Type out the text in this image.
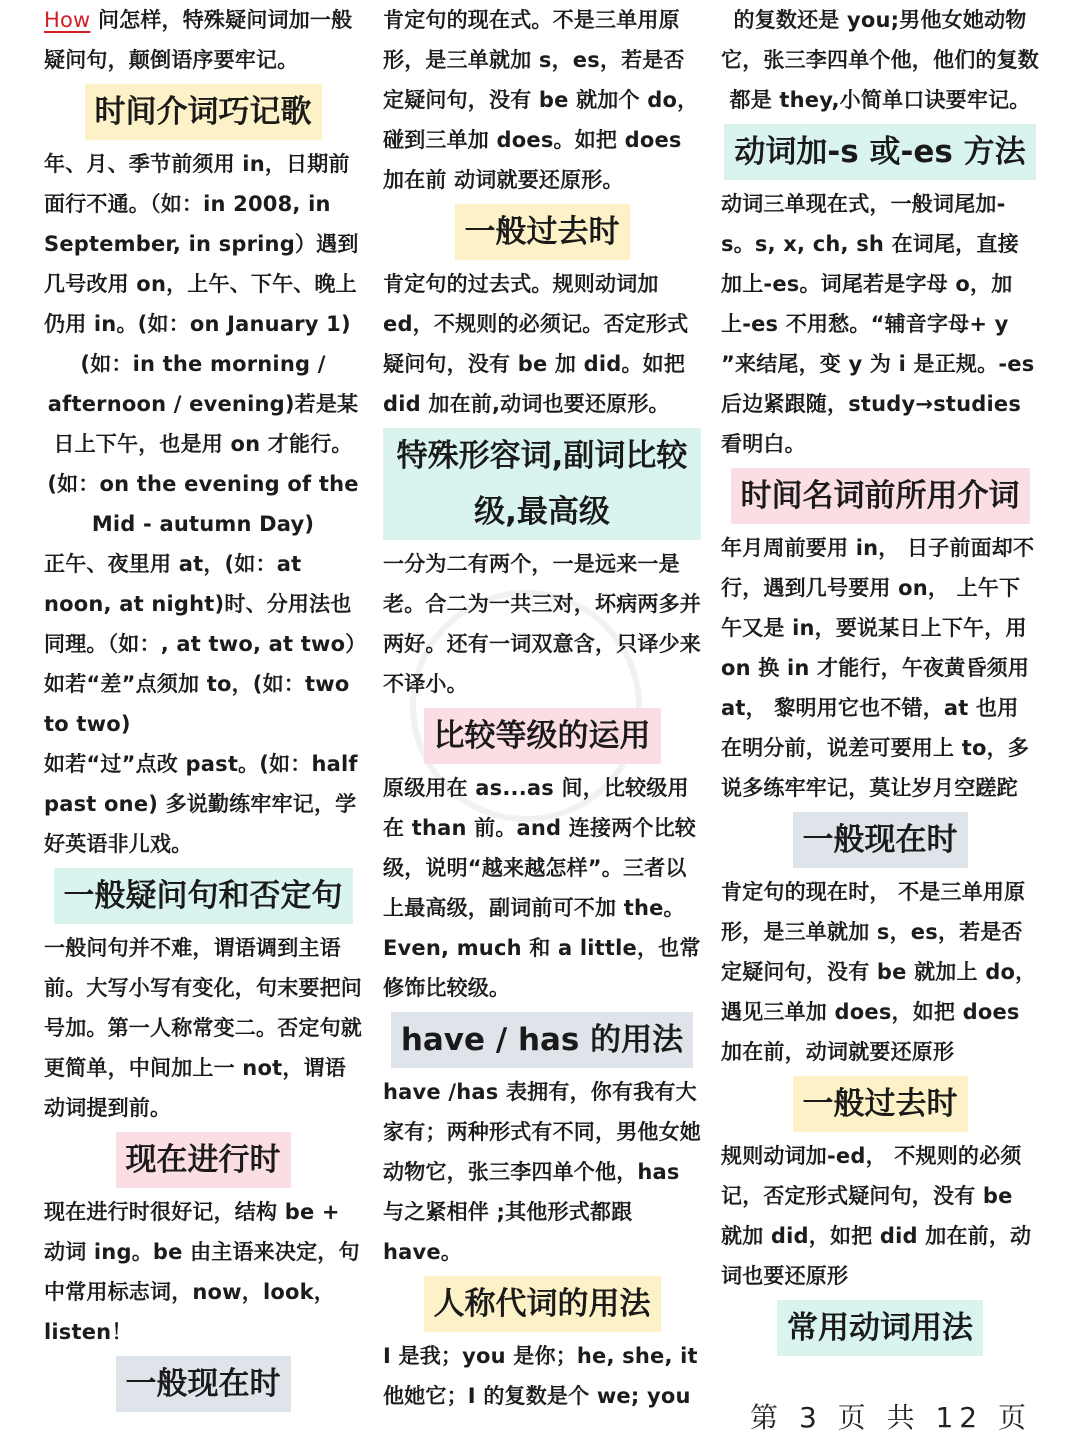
How 问怎样，特殊疑问词加一般疑问句，颠倒语序要牢记。

时间介词巧记歌

年、月、季节前须用 in，日期前面行不通。（如：in 2008, in September, in spring）遇到几号改用 on，上午、下午、晚上仍用 in。(如：on January 1)

(如：in the morning / afternoon / evening)若是某日上下午，也是用 on 才能行。(如：on the evening of the Mid - autumn Day)

正午、夜里用 at，(如：at noon, at night)时、分用法也同理。（如：, at two, at two）

如若“差”点须加 to，(如：two to two)

如若“过”点改 past。(如：half past one) 多说勤练牢牢记，学好英语非儿戏。

一般疑问句和否定句

一般问句并不难，谓语调到主语前。大写小写有变化，句末要把问号加。第一人称常变二。否定句就更简单，中间加上一 not，谓语动词提到前。

现在进行时

现在进行时很好记，结构 be + 动词 ing。be 由主语来决定，句中常用标志词，now，look，listen！

一般现在时

肯定句的现在式。不是三单用原形，是三单就加 s，es，若是否定疑问句，没有 be 就加个 do，碰到三单加 does。如把 does 加在前 动词就要还原形。

一般过去时

肯定句的过去式。规则动词加 ed，不规则的必须记。否定形式疑问句，没有 be 加 did。如把 did 加在前,动词也要还原形。

特殊形容词,副词比较级,最高级

一分为二有两个，一是远来一是老。合二为一共三对，坏病两多并两好。还有一词双意含，只译少来不译小。

比较等级的运用

原级用在 as...as 间，比较级用在 than 前。and 连接两个比较级，说明“越来越怎样”。三者以上最高级，副词前可不加 the。Even, much 和 a little，也常修饰比较级。

have / has 的用法

have /has 表拥有，你有我有大家有；两种形式有不同，男他女她动物它，张三李四单个他，has 与之紧相伴 ;其他形式都跟 have。

人称代词的用法

I 是我；you 是你；he, she, it 他她它；I 的复数是个 we; you

的复数还是 you;男他女她动物它，张三李四单个他，他们的复数都是 they,小简单口诀要牢记。

动词加-s 或-es 方法

动词三单现在式，一般词尾加-s。s, x, ch, sh 在词尾，直接加上-es。词尾若是字母 o，加上-es 不用愁。“辅音字母+ y ”来结尾，变 y 为 i 是正规。-es 后边紧跟随，study→studies 看明白。

时间名词前所用介词

年月周前要用 in， 日子前面却不行，遇到几号要用 on， 上午下午又是 in，要说某日上下午，用 on 换 in 才能行，午夜黄昏须用 at， 黎明用它也不错，at 也用在明分前，说差可要用上 to，多说多练牢牢记，莫让岁月空蹉跎

一般现在时

肯定句的现在时， 不是三单用原形，是三单就加 s，es，若是否定疑问句，没有 be 就加上 do，遇见三单加 does，如把 does 加在前，动词就要还原形

一般过去时

规则动词加-ed， 不规则的必须记，否定形式疑问句，没有 be 就加 did，如把 did 加在前，动词也要还原形

常用动词用法
第 3 页 共 12 页
